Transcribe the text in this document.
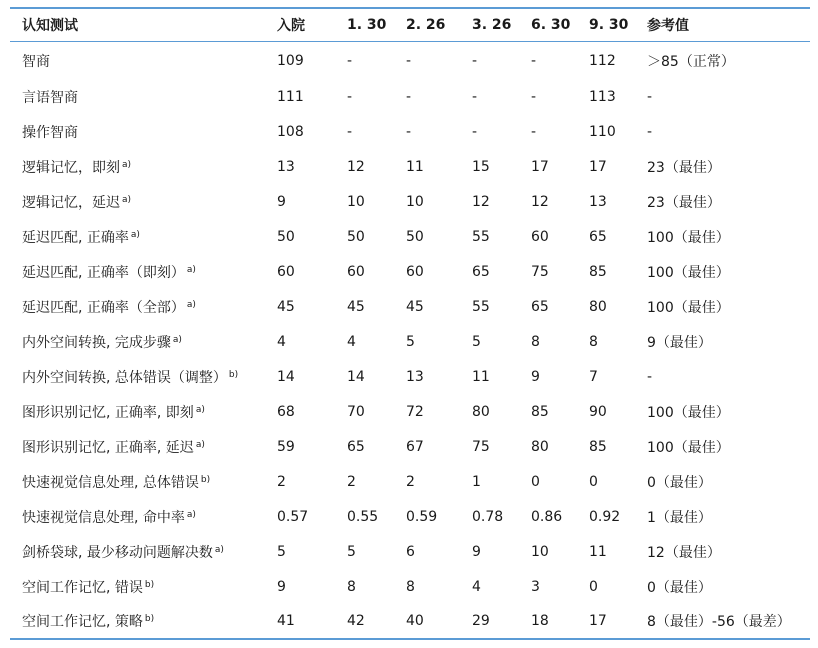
认知测试	入院	1. 30	2. 26	3. 26	6. 30	9. 30	参考值
智商	109	-	-	-	-	112	＞85（正常）
言语智商	111	-	-	-	-	113	-
操作智商	108	-	-	-	-	110	-
逻辑记忆，即刻 $^{a)}$	13	12	11	15	17	17	23（最佳）
逻辑记忆，延迟 $^{a)}$	9	10	10	12	12	13	23（最佳）
延迟匹配, 正确率 $^{a)}$	50	50	50	55	60	65	100（最佳）
延迟匹配, 正确率（即刻） $^{a)}$	60	60	60	65	75	85	100（最佳）
延迟匹配, 正确率（全部） $^{a)}$	45	45	45	55	65	80	100（最佳）
内外空间转换, 完成步骤 $^{a)}$	4	4	5	5	8	8	9（最佳）
内外空间转换, 总体错误（调整） $^{b)}$	14	14	13	11	9	7	-
图形识别记忆, 正确率, 即刻 $^{a)}$	68	70	72	80	85	90	100（最佳）
图形识别记忆, 正确率, 延迟 $^{a)}$	59	65	67	75	80	85	100（最佳）
快速视觉信息处理, 总体错误 $^{b)}$	2	2	2	1	0	0	0（最佳）
快速视觉信息处理, 命中率 $^{a)}$	0.57	0.55	0.59	0.78	0.86	0.92	1（最佳）
剑桥袋球, 最少移动问题解决数 $^{a)}$	5	5	6	9	10	11	12（最佳）
空间工作记忆, 错误 $^{b)}$	9	8	8	4	3	0	0（最佳）
空间工作记忆, 策略 $^{b)}$	41	42	40	29	18	17	8（最佳）-56（最差）
